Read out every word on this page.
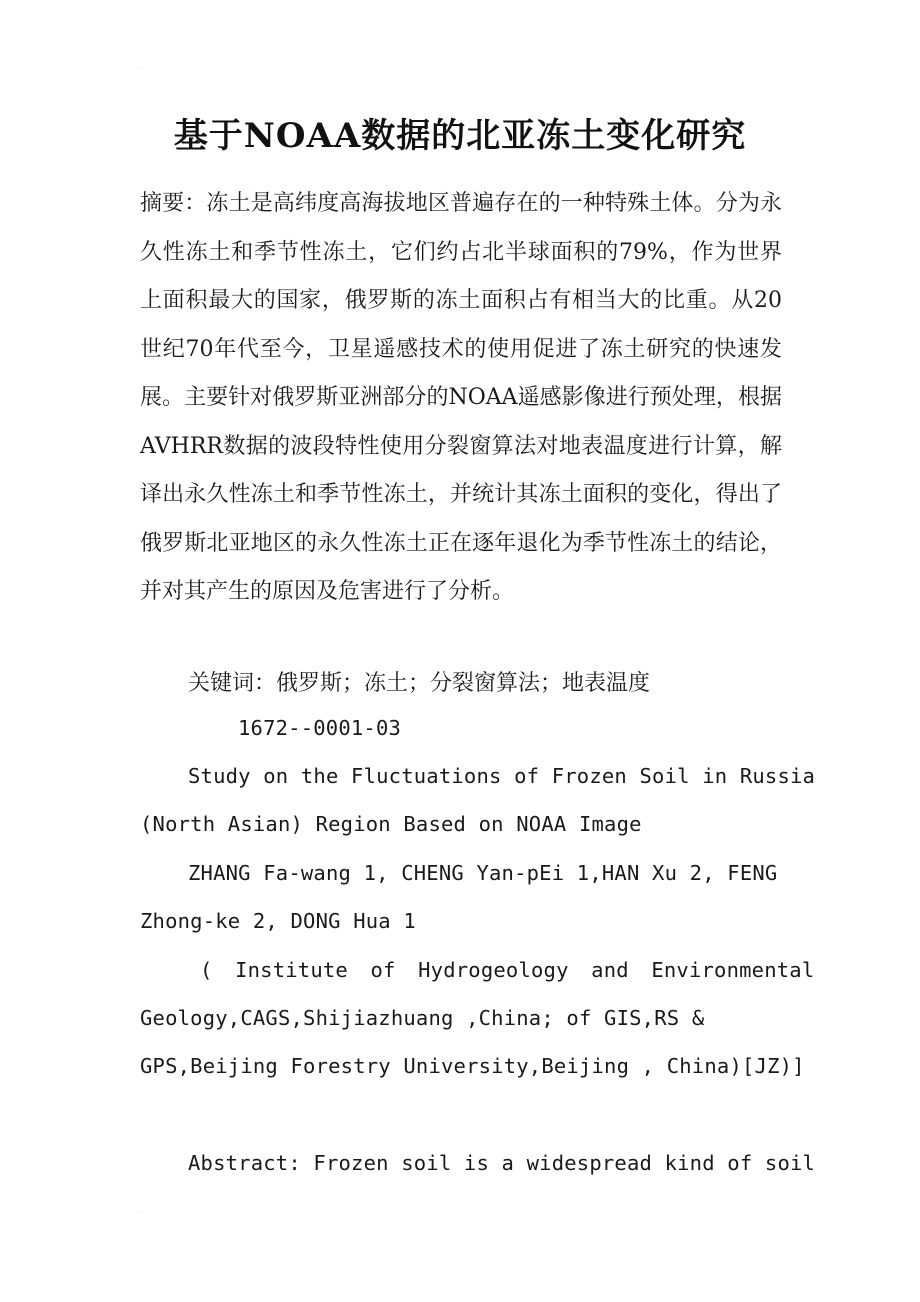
.
基于NOAA数据的北亚冻土变化研究

摘要：冻土是高纬度高海拔地区普遍存在的一种特殊土体。分为永久性冻土和季节性冻土，它们约占北半球面积的79%，作为世界上面积最大的国家，俄罗斯的冻土面积占有相当大的比重。从20世纪70年代至今，卫星遥感技术的使用促进了冻土研究的快速发展。主要针对俄罗斯亚洲部分的NOAA遥感影像进行预处理，根据AVHRR数据的波段特性使用分裂窗算法对地表温度进行计算，解译出永久性冻土和季节性冻土，并统计其冻土面积的变化，得出了俄罗斯北亚地区的永久性冻土正在逐年退化为季节性冻土的结论，并对其产生的原因及危害进行了分析。

关键词：俄罗斯；冻土；分裂窗算法；地表温度

1672--0001-03

Study on the Fluctuations of Frozen Soil in Russia

(North Asian) Region Based on NOAA Image

ZHANG Fa-wang 1, CHENG Yan-pEi 1,HAN Xu 2, FENG

Zhong-ke 2, DONG Hua 1

( Institute of Hydrogeology and Environmental

Geology,CAGS,Shijiazhuang ,China; of GIS,RS &

GPS,Beijing Forestry University,Beijing , China)[JZ)]

Abstract: Frozen soil is a widespread kind of soil

.
